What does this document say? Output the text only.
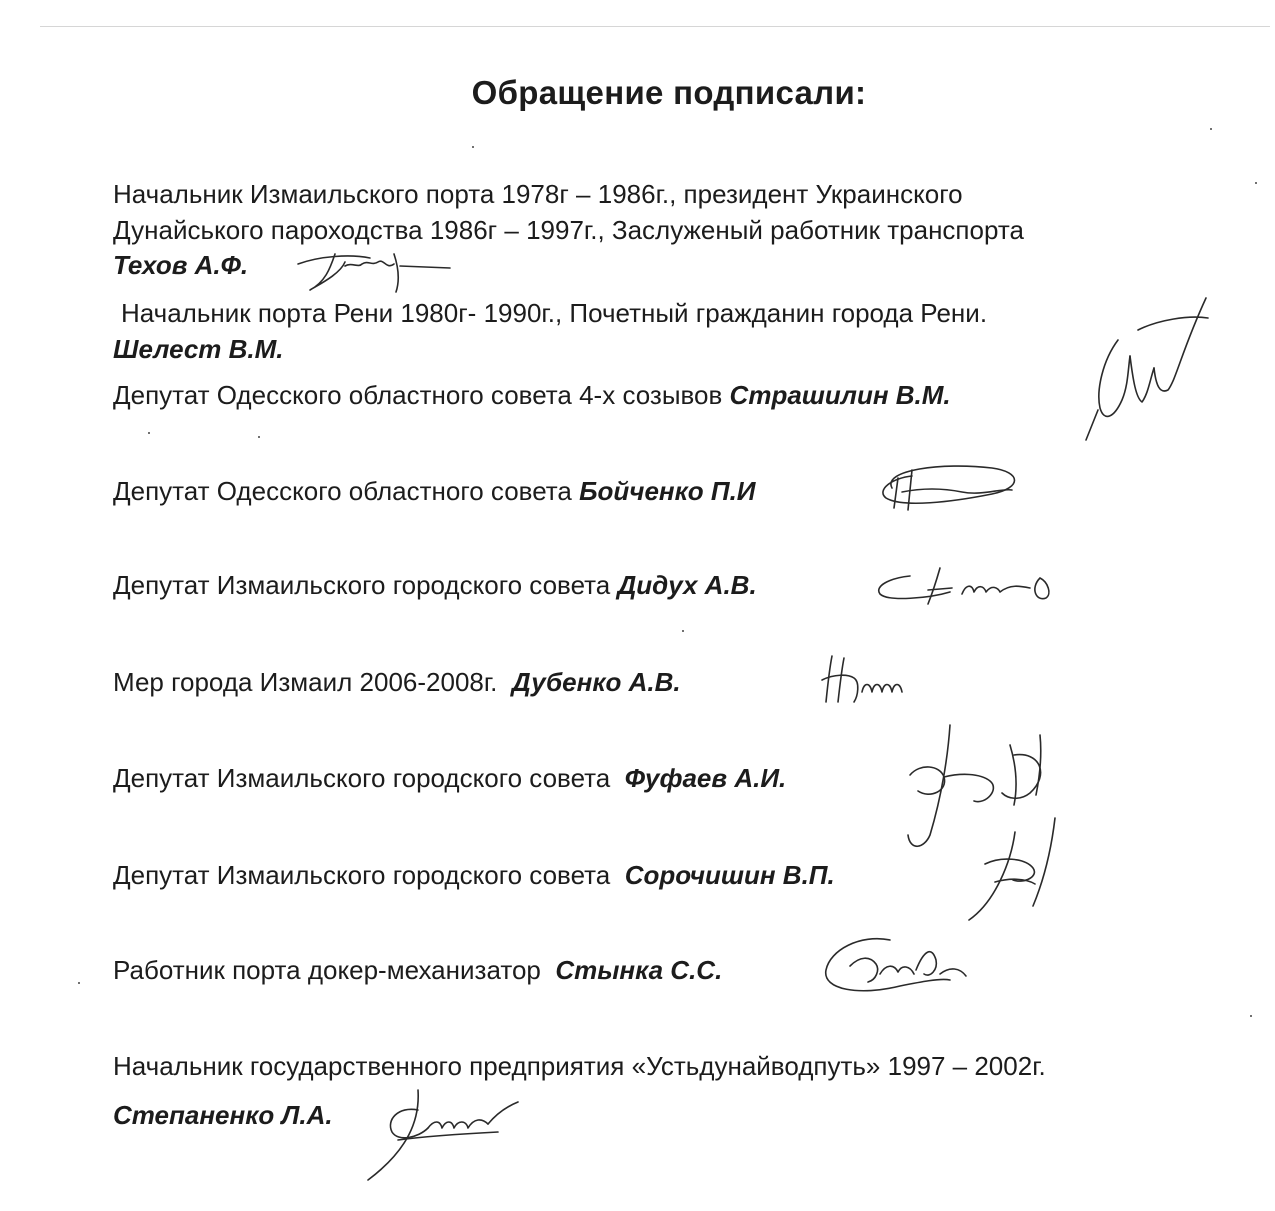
Обращение подписали:
Начальник Измаильского порта 1978г – 1986г., президент Украинского
Дунайського пароходства 1986г – 1997г., Заслуженый работник транспорта
Техов А.Ф.
Начальник порта Рени 1980г- 1990г., Почетный гражданин города Рени.
Шелест В.М.
Депутат Одесского областного совета 4-х созывов Страшилин В.М.
Депутат Одесского областного совета Бойченко П.И
Депутат Измаильского городского совета Дидух А.В.
Мер города Измаил 2006-2008г. Дубенко А.В.
Депутат Измаильского городского совета Фуфаев А.И.
Депутат Измаильского городского совета Сорочишин В.П.
Работник порта докер-механизатор Стынка С.С.
Начальник государственного предприятия «Устьдунайводпуть» 1997 – 2002г.
Степаненко Л.А.
